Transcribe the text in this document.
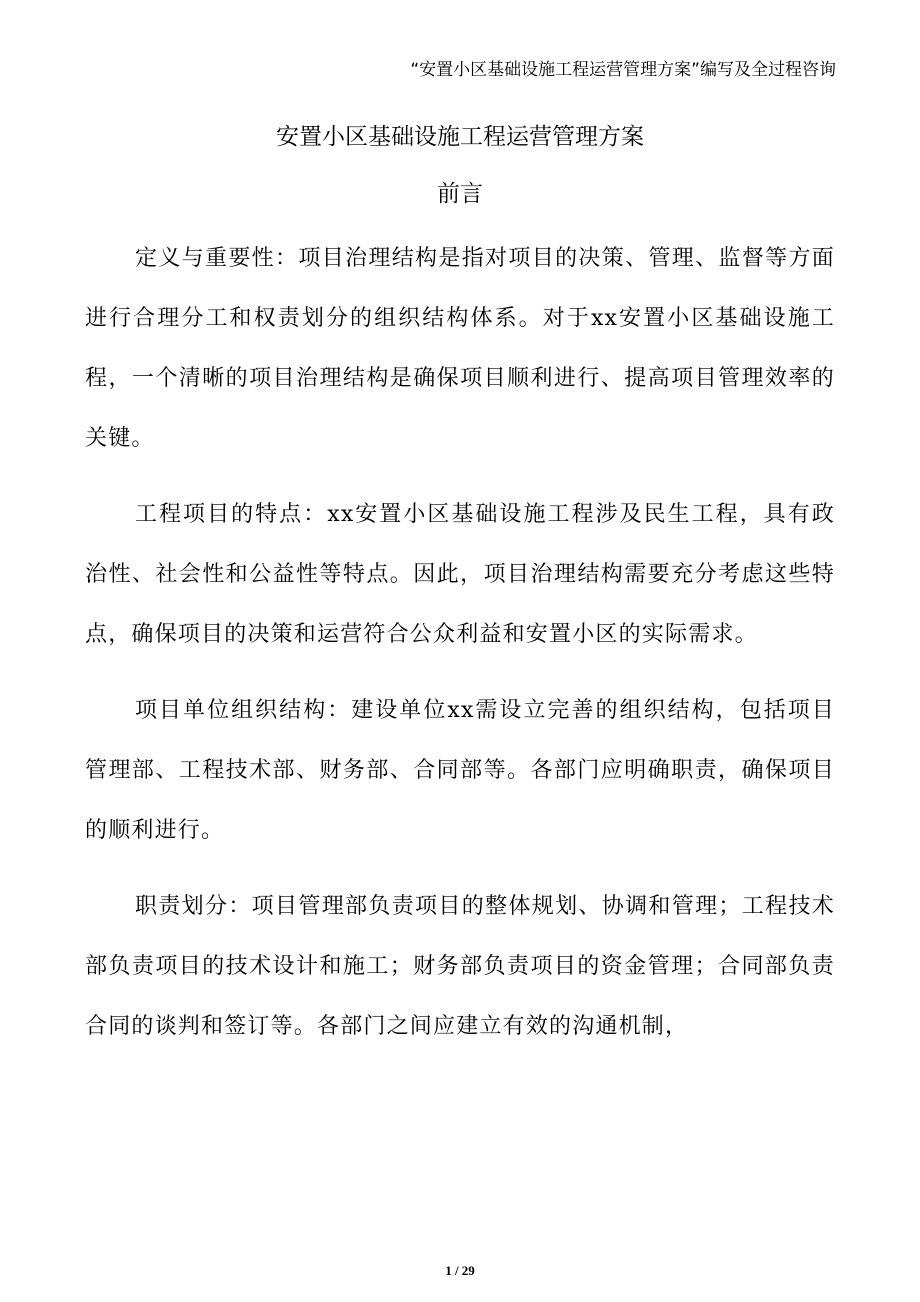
“安置小区基础设施工程运营管理方案”编写及全过程咨询
安置小区基础设施工程运营管理方案
前言

定义与重要性：项目治理结构是指对项目的决策、管理、监督等方面进行合理分工和权责划分的组织结构体系。对于xx安置小区基础设施工程，一个清晰的项目治理结构是确保项目顺利进行、提高项目管理效率的关键。

工程项目的特点：xx安置小区基础设施工程涉及民生工程，具有政治性、社会性和公益性等特点。因此，项目治理结构需要充分考虑这些特点，确保项目的决策和运营符合公众利益和安置小区的实际需求。

项目单位组织结构：建设单位xx需设立完善的组织结构，包括项目管理部、工程技术部、财务部、合同部等。各部门应明确职责，确保项目的顺利进行。

职责划分：项目管理部负责项目的整体规划、协调和管理；工程技术部负责项目的技术设计和施工；财务部负责项目的资金管理；合同部负责合同的谈判和签订等。各部门之间应建立有效的沟通机制，

1 / 29
